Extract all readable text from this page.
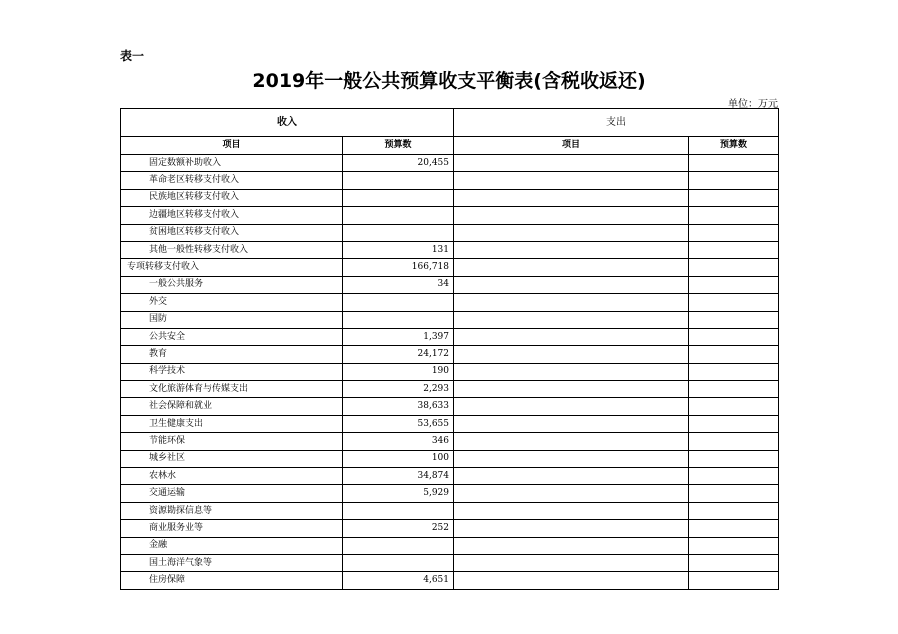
表一
2019年一般公共预算收支平衡表(含税收返还)
单位：万元
收入		支出	
项目	预算数	项目	预算数
固定数额补助收入	20,455		
革命老区转移支付收入			
民族地区转移支付收入			
边疆地区转移支付收入			
贫困地区转移支付收入			
其他一般性转移支付收入	131		
专项转移支付收入	166,718		
一般公共服务	34		
外交			
国防			
公共安全	1,397		
教育	24,172		
科学技术	190		
文化旅游体育与传媒支出	2,293		
社会保障和就业	38,633		
卫生健康支出	53,655		
节能环保	346		
城乡社区	100		
农林水	34,874		
交通运输	5,929		
资源勘探信息等			
商业服务业等	252		
金融			
国土海洋气象等			
住房保障	4,651		
